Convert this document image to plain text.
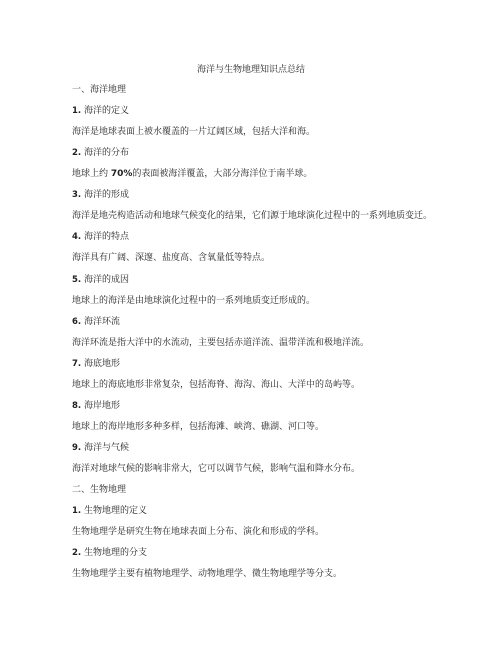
海洋与生物地理知识点总结
一、海洋地理
1. 海洋的定义
海洋是地球表面上被水覆盖的一片辽阔区域，包括大洋和海。
2. 海洋的分布
地球上约 70%的表面被海洋覆盖，大部分海洋位于南半球。
3. 海洋的形成
海洋是地壳构造活动和地球气候变化的结果，它们源于地球演化过程中的一系列地质变迁。
4. 海洋的特点
海洋具有广阔、深邃、盐度高、含氧量低等特点。
5. 海洋的成因
地球上的海洋是由地球演化过程中的一系列地质变迁形成的。
6. 海洋环流
海洋环流是指大洋中的水流动，主要包括赤道洋流、温带洋流和极地洋流。
7. 海底地形
地球上的海底地形非常复杂，包括海脊、海沟、海山、大洋中的岛屿等。
8. 海岸地形
地球上的海岸地形多种多样，包括海滩、峡湾、礁湖、河口等。
9. 海洋与气候
海洋对地球气候的影响非常大，它可以调节气候，影响气温和降水分布。
二、生物地理
1. 生物地理的定义
生物地理学是研究生物在地球表面上分布、演化和形成的学科。
2. 生物地理的分支
生物地理学主要有植物地理学、动物地理学、微生物地理学等分支。
